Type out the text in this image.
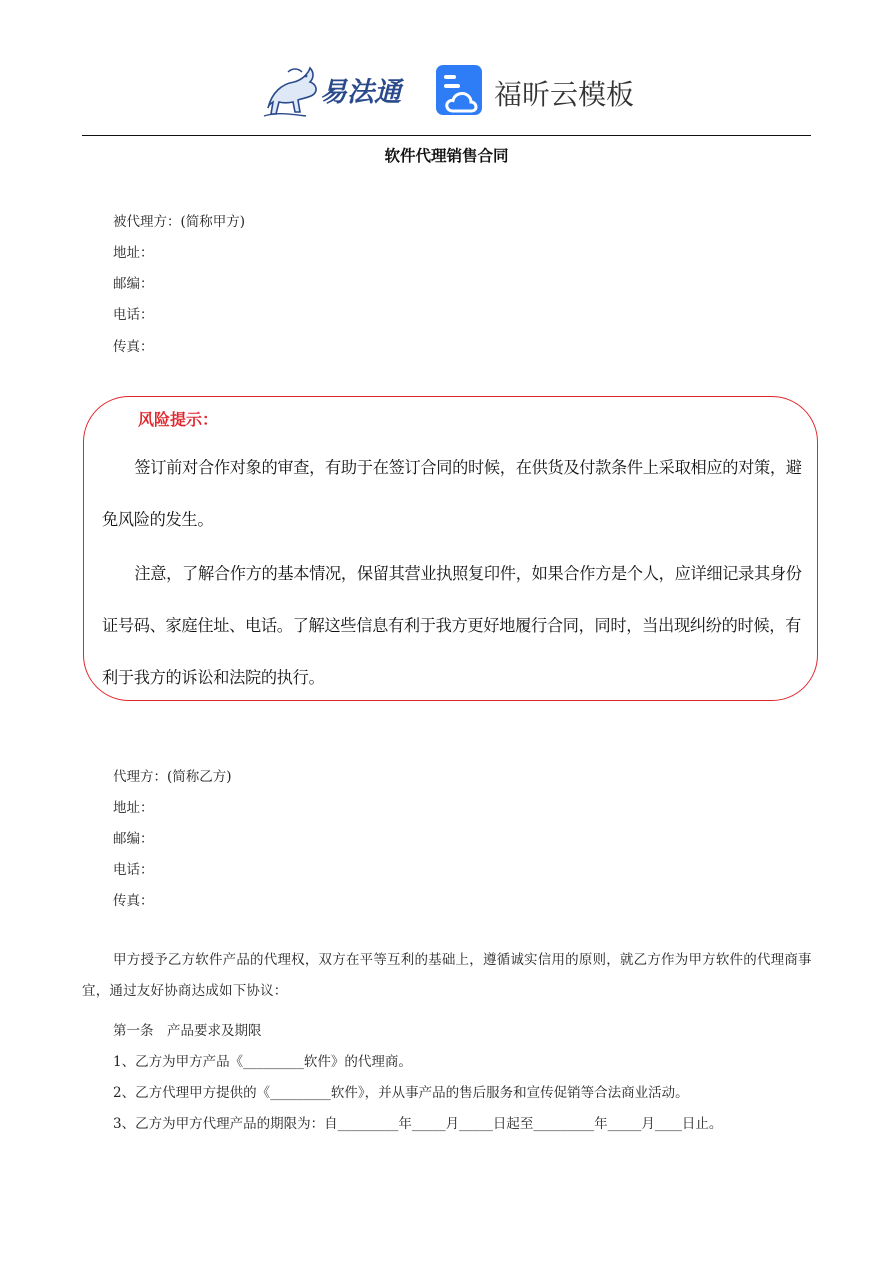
易法通	福昕云模板
软件代理销售合同
被代理方：(简称甲方)
地址：
邮编：
电话：
传真：
风险提示：
签订前对合作对象的审查，有助于在签订合同的时候，在供货及付款条件上采取相应的对策，避免风险的发生。
注意，了解合作方的基本情况，保留其营业执照复印件，如果合作方是个人，应详细记录其身份证号码、家庭住址、电话。了解这些信息有利于我方更好地履行合同，同时，当出现纠纷的时候，有利于我方的诉讼和法院的执行。
代理方：(简称乙方)
地址：
邮编：
电话：
传真：
甲方授予乙方软件产品的代理权，双方在平等互利的基础上，遵循诚实信用的原则，就乙方作为甲方软件的代理商事宜，通过友好协商达成如下协议：
第一条　产品要求及期限
1、乙方为甲方产品《_________软件》的代理商。
2、乙方代理甲方提供的《_________软件》，并从事产品的售后服务和宣传促销等合法商业活动。
3、乙方为甲方代理产品的期限为：自_________年_____月_____日起至_________年_____月____日止。
